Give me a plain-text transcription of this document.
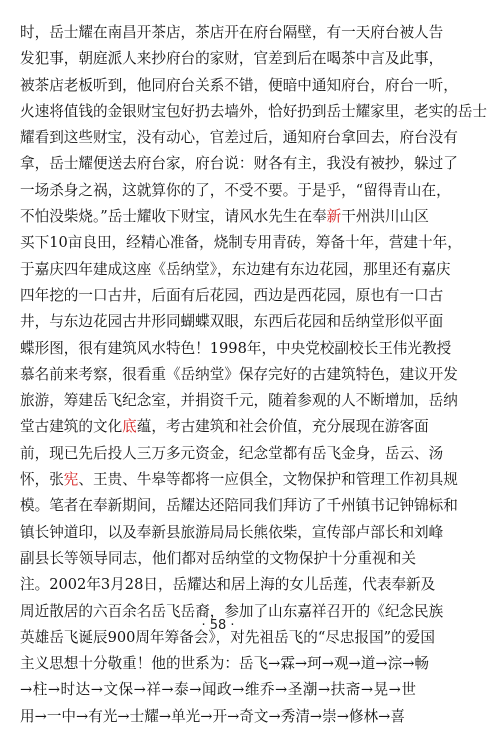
时，岳士耀在南昌开茶店，茶店开在府台隔壁，有一天府台被人告
发犯事，朝庭派人来抄府台的家财，官差到后在喝茶中言及此事，
被茶店老板听到，他同府台关系不错，便暗中通知府台，府台一听，
火速将值钱的金银财宝包好扔去墙外，恰好扔到岳士耀家里，老实的岳士
耀看到这些财宝，没有动心，官差过后，通知府台拿回去，府台没有
拿，岳士耀便送去府台家，府台说：财各有主，我没有被抄，躲过了
一场杀身之祸，这就算你的了，不受不要。于是乎，“留得青山在，
不怕没柴烧。”岳士耀收下财宝，请风水先生在奉新干州洪川山区
买下10亩良田，经精心准备，烧制专用青砖，筹备十年，营建十年，
于嘉庆四年建成这座《岳纳堂》，东边建有东边花园，那里还有嘉庆
四年挖的一口古井，后面有后花园，西边是西花园，原也有一口古
井，与东边花园古井形同蝴蝶双眼，东西后花园和岳纳堂形似平面
蝶形图，很有建筑风水特色！1998年，中央党校副校长王伟光教授
慕名前来考察，很看重《岳纳堂》保存完好的古建筑特色，建议开发
旅游，筹建岳飞纪念室，并捐资千元，随着参观的人不断增加，岳纳
堂古建筑的文化底蕴，考古建筑和社会价值，充分展现在游客面
前，现已先后投人三万多元资金，纪念堂都有岳飞金身，岳云、汤
怀，张宪、王贵、牛皋等都将一应俱全，文物保护和管理工作初具规
模。笔者在奉新期间，岳耀达还陪同我们拜访了千州镇书记钟锦标和
镇长钟道印，以及奉新县旅游局局长熊依柴，宣传部卢部长和刘峰
副县长等领导同志，他们都对岳纳堂的文物保护十分重视和关
注。2002年3月28日，岳耀达和居上海的女儿岳莲，代表奉新及
周近散居的六百余名岳飞岳裔，参加了山东嘉祥召开的《纪念民族
英雄岳飞诞辰900周年筹备会》，对先祖岳飞的“尽忠报国”的爱国
主义思想十分敬重！他的世系为：岳飞→霖→珂→观→道→淙→畅
→柱→时达→文保→祥→泰→闻政→维乔→圣潮→扶斋→晃→世
用→一中→有光→士耀→单光→开→奇文→秀清→崇→修林→喜
· 58 ·
